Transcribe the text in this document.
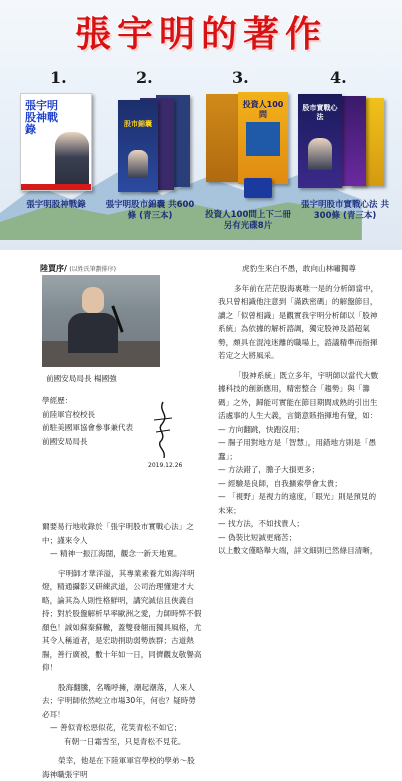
張宇明的著作
1.
張宇明股神戰錄
張宇明股神戰錄
2.
股市錦囊
張宇明股市錦囊 共600條 (青三本)
3.
投資人100問
投資人100問上下二冊 另有光碟8片
4.
股市實戰心法
張宇明股市實戰心法 共300條 (青三本)
陸賈序/ (以姓氏筆劃排序)
前國安局局長 楊國強

學經歷：

前陸軍官校校長

前駐美國軍協會參事兼代表

前國安局局長

2019.12.26

爾要易行地收錄於「張宇明股市實戰心法」之中；謹來令人

— 精神一振江海闊，觀念一新天地寬。

宇明師才華洋溢，其專業素養尤如海洋明燈，精通攝影又研練武道，公司治理懂建才大略，論其為人則性格鮮明，講究誠信且俠義自持；對於股盤解析早率歐洲之愛，力師時弊不假顏色！誠如蘇秦蘇轍，蓋雙發翹而獨具風格，尤其令人稱道者，是宏助捐助弱勢族群；古道熱腸，善行廣被，數十年如一日，同儕觀友敬譽高仰！

股海翻騰，名嘴呼擁，潮起潮落，人來人去；宇明師依然屹立市場30年，何也？疑時勞必耳！

— 善似青松惡似花，花笑青松不如它；

有朝一日霜雪至，只見青松不見花。

榮幸，他是在下陸軍軍官學校的學弟～股海神職張宇明

虎豹生來白不愚，敢向山林嘯獨尊

多年前在茫茫股海裏唯一是的分析師當中，我只曾相識他注意到「滿跌密碼」的解盤節目，讀之「似曾相識」是觀實我宇明分析師以「股神系統」為依據的解析諮調，獨定股神及諮超氣勢，頗具在混沌迷離的職場上，諮議精準而指揮若定之大將風采。

「股神系統」既立多年，宇明師以當代大數據科技的創新應用，精密整合「趨勢」與「籌碼」之外，歸能可實能在節目期間成熟的引出生活處事的人生大義，言簡意賅指揮地有覺，如：

— 方向翻跳，快跑沒用；

— 腸子用對地方是「智慧」，用錯地方則是「愚蠢」；

— 方法錯了，膽子大損更多；

— 經驗是良師，自我擴索學會太貴；

— 「視野」是視力的遠度，「眼光」則是預見的未來；

— 找方法，不如找貴人；

— 偽裝比短誠更痛苦；

以上數文僅略舉大端，詳文細則已然條目清晰，
